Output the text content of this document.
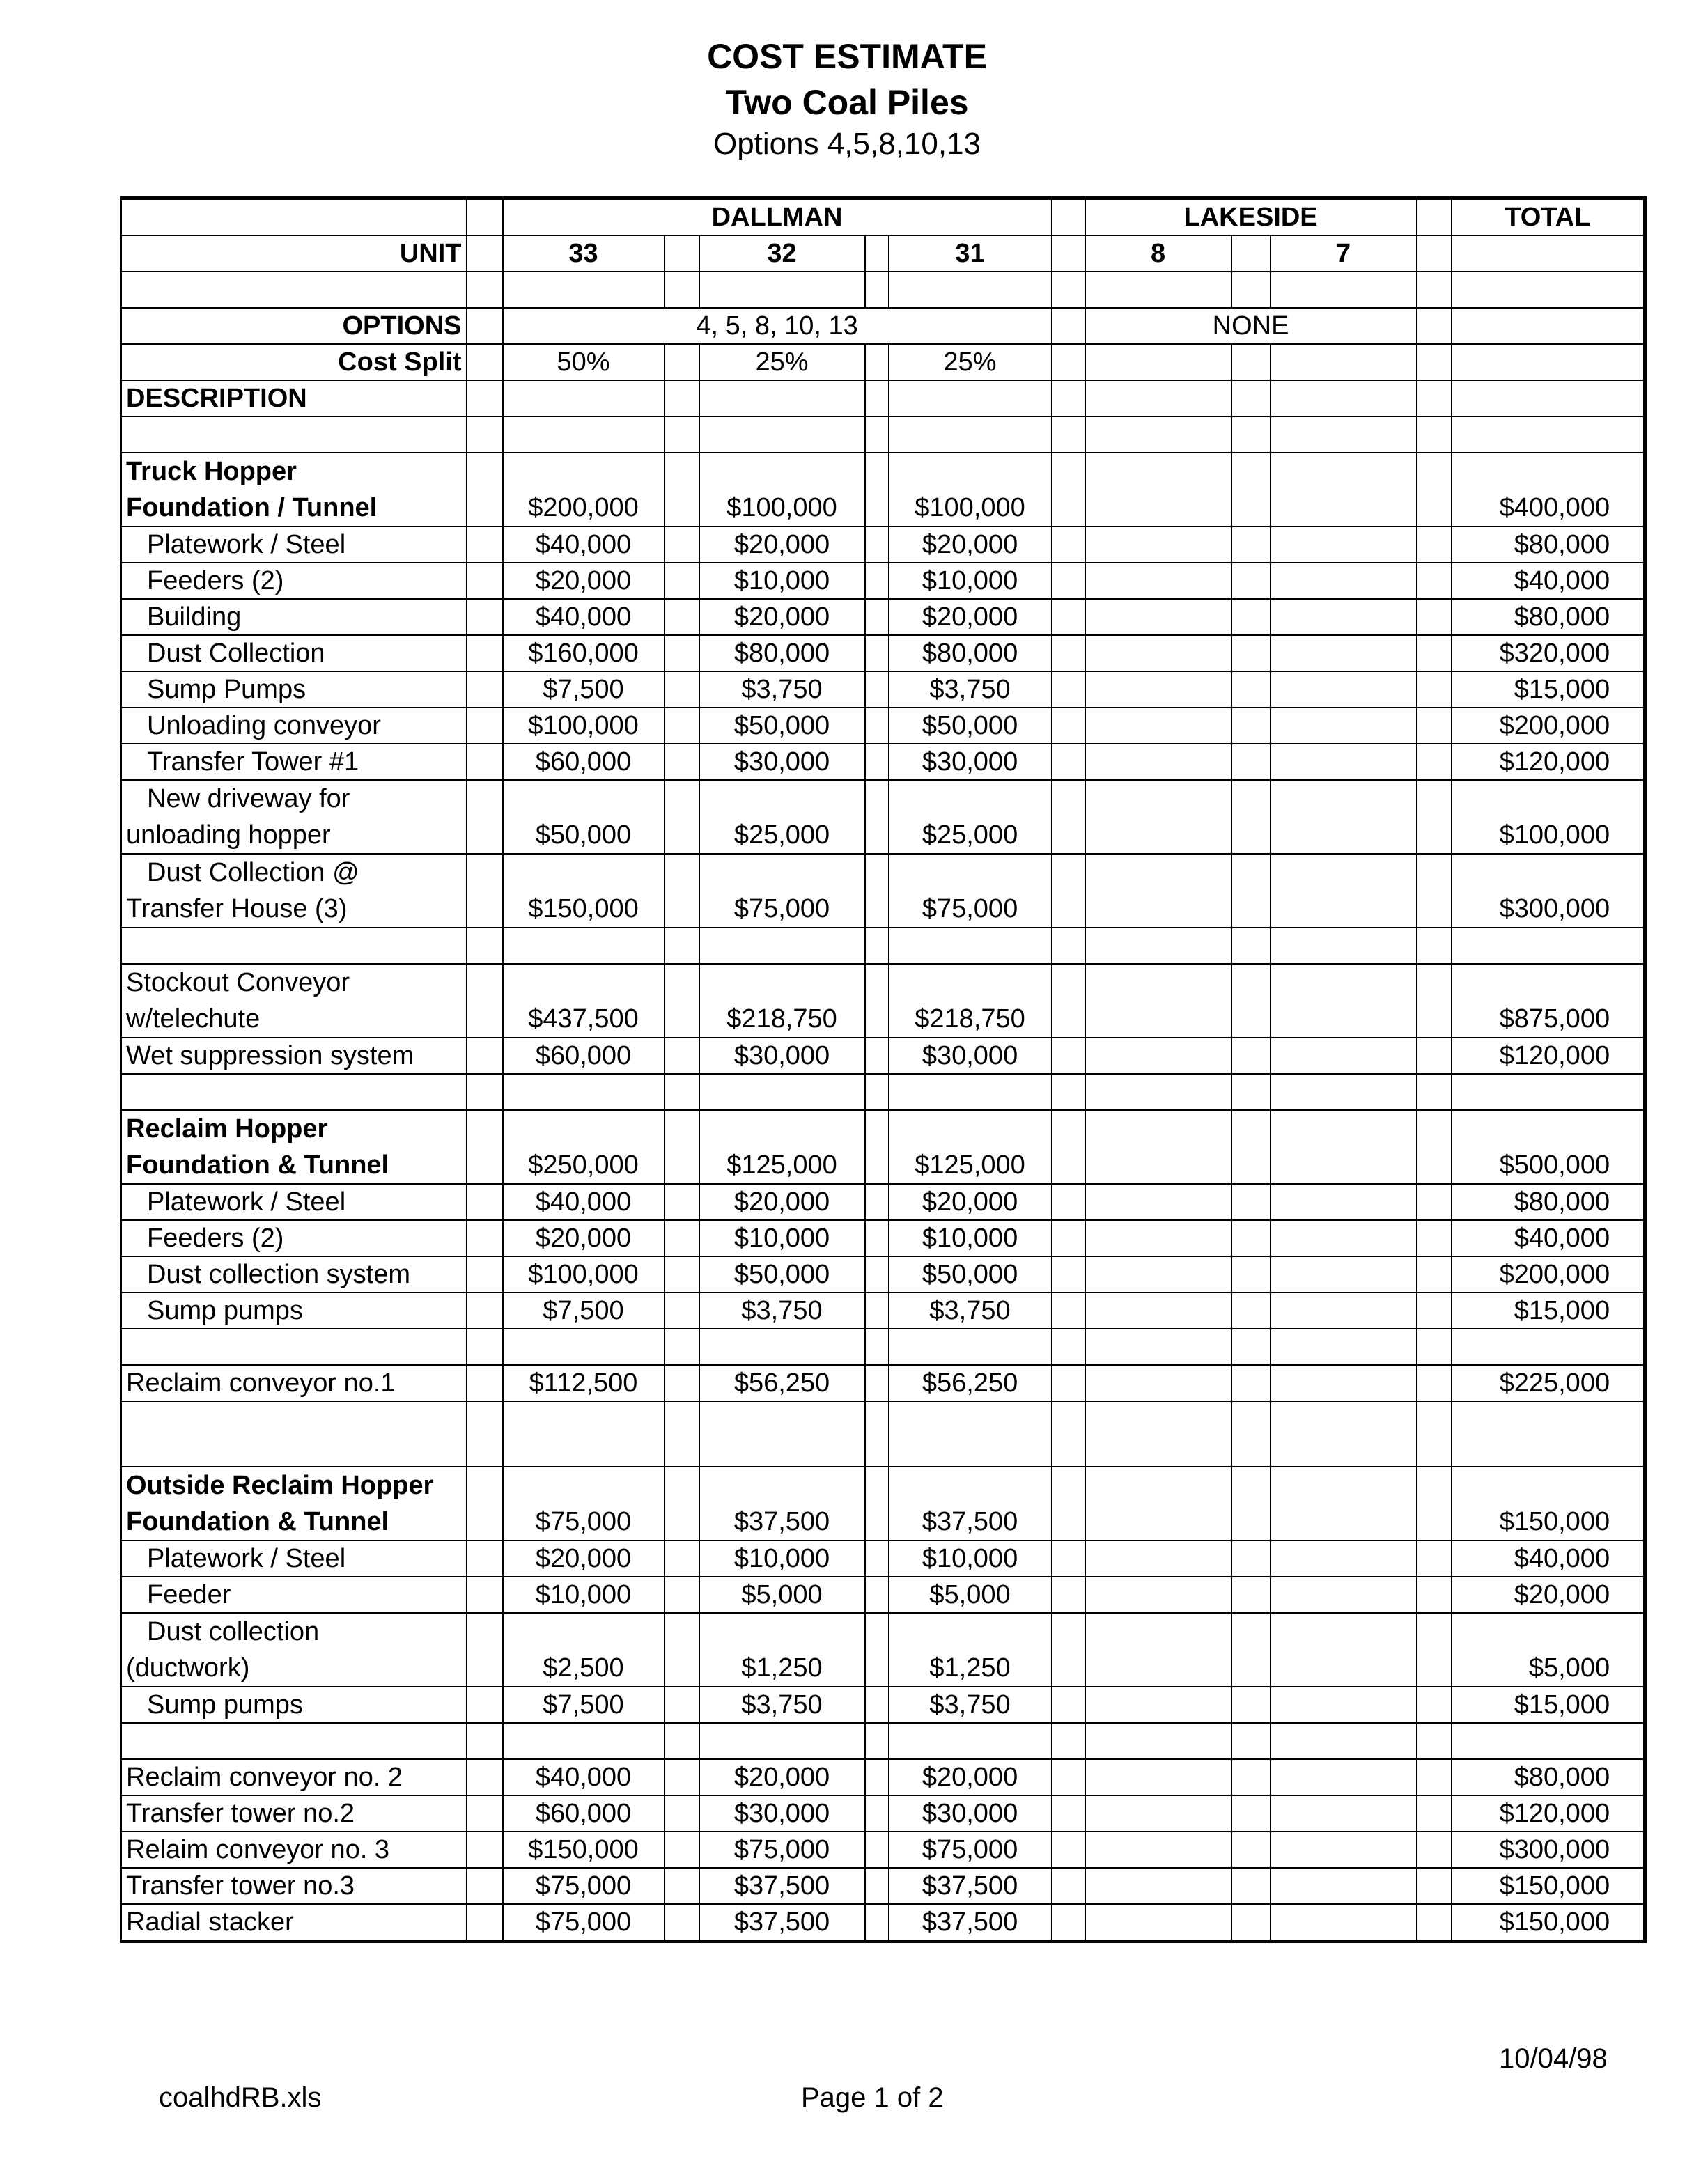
COST ESTIMATE
Two Coal Piles
Options 4,5,8,10,13
		DALLMAN						LAKESIDE				TOTAL
UNIT		33		32		31		8		7		

OPTIONS		4, 5, 8, 10, 13						NONE				
Cost Split		50%		25%		25%						
DESCRIPTION												

Truck Hopper
Foundation / Tunnel		$200,000		$100,000		$100,000						$400,000
Platework / Steel		$40,000		$20,000		$20,000						$80,000
Feeders (2)		$20,000		$10,000		$10,000						$40,000
Building		$40,000		$20,000		$20,000						$80,000
Dust Collection		$160,000		$80,000		$80,000						$320,000
Sump Pumps		$7,500		$3,750		$3,750						$15,000
Unloading conveyor		$100,000		$50,000		$50,000						$200,000
Transfer Tower #1		$60,000		$30,000		$30,000						$120,000

New driveway for
unloading hopper		$50,000		$25,000		$25,000						$100,000

Dust Collection @
Transfer House (3)		$150,000		$75,000		$75,000						$300,000

Stockout Conveyor
w/telechute		$437,500		$218,750		$218,750						$875,000
Wet suppression system		$60,000		$30,000		$30,000						$120,000

Reclaim Hopper
Foundation & Tunnel		$250,000		$125,000		$125,000						$500,000
Platework / Steel		$40,000		$20,000		$20,000						$80,000
Feeders (2)		$20,000		$10,000		$10,000						$40,000
Dust collection system		$100,000		$50,000		$50,000						$200,000
Sump pumps		$7,500		$3,750		$3,750						$15,000

Reclaim conveyor no.1		$112,500		$56,250		$56,250						$225,000

Outside Reclaim Hopper
Foundation & Tunnel		$75,000		$37,500		$37,500						$150,000
Platework / Steel		$20,000		$10,000		$10,000						$40,000
Feeder		$10,000		$5,000		$5,000						$20,000

Dust collection
(ductwork)		$2,500		$1,250		$1,250						$5,000
Sump pumps		$7,500		$3,750		$3,750						$15,000

Reclaim conveyor no. 2		$40,000		$20,000		$20,000						$80,000
Transfer tower no.2		$60,000		$30,000		$30,000						$120,000
Relaim conveyor no. 3		$150,000		$75,000		$75,000						$300,000
Transfer tower no.3		$75,000		$37,500		$37,500						$150,000
Radial stacker		$75,000		$37,500		$37,500						$150,000
10/04/98
coalhdRB.xls	Page 1 of 2
